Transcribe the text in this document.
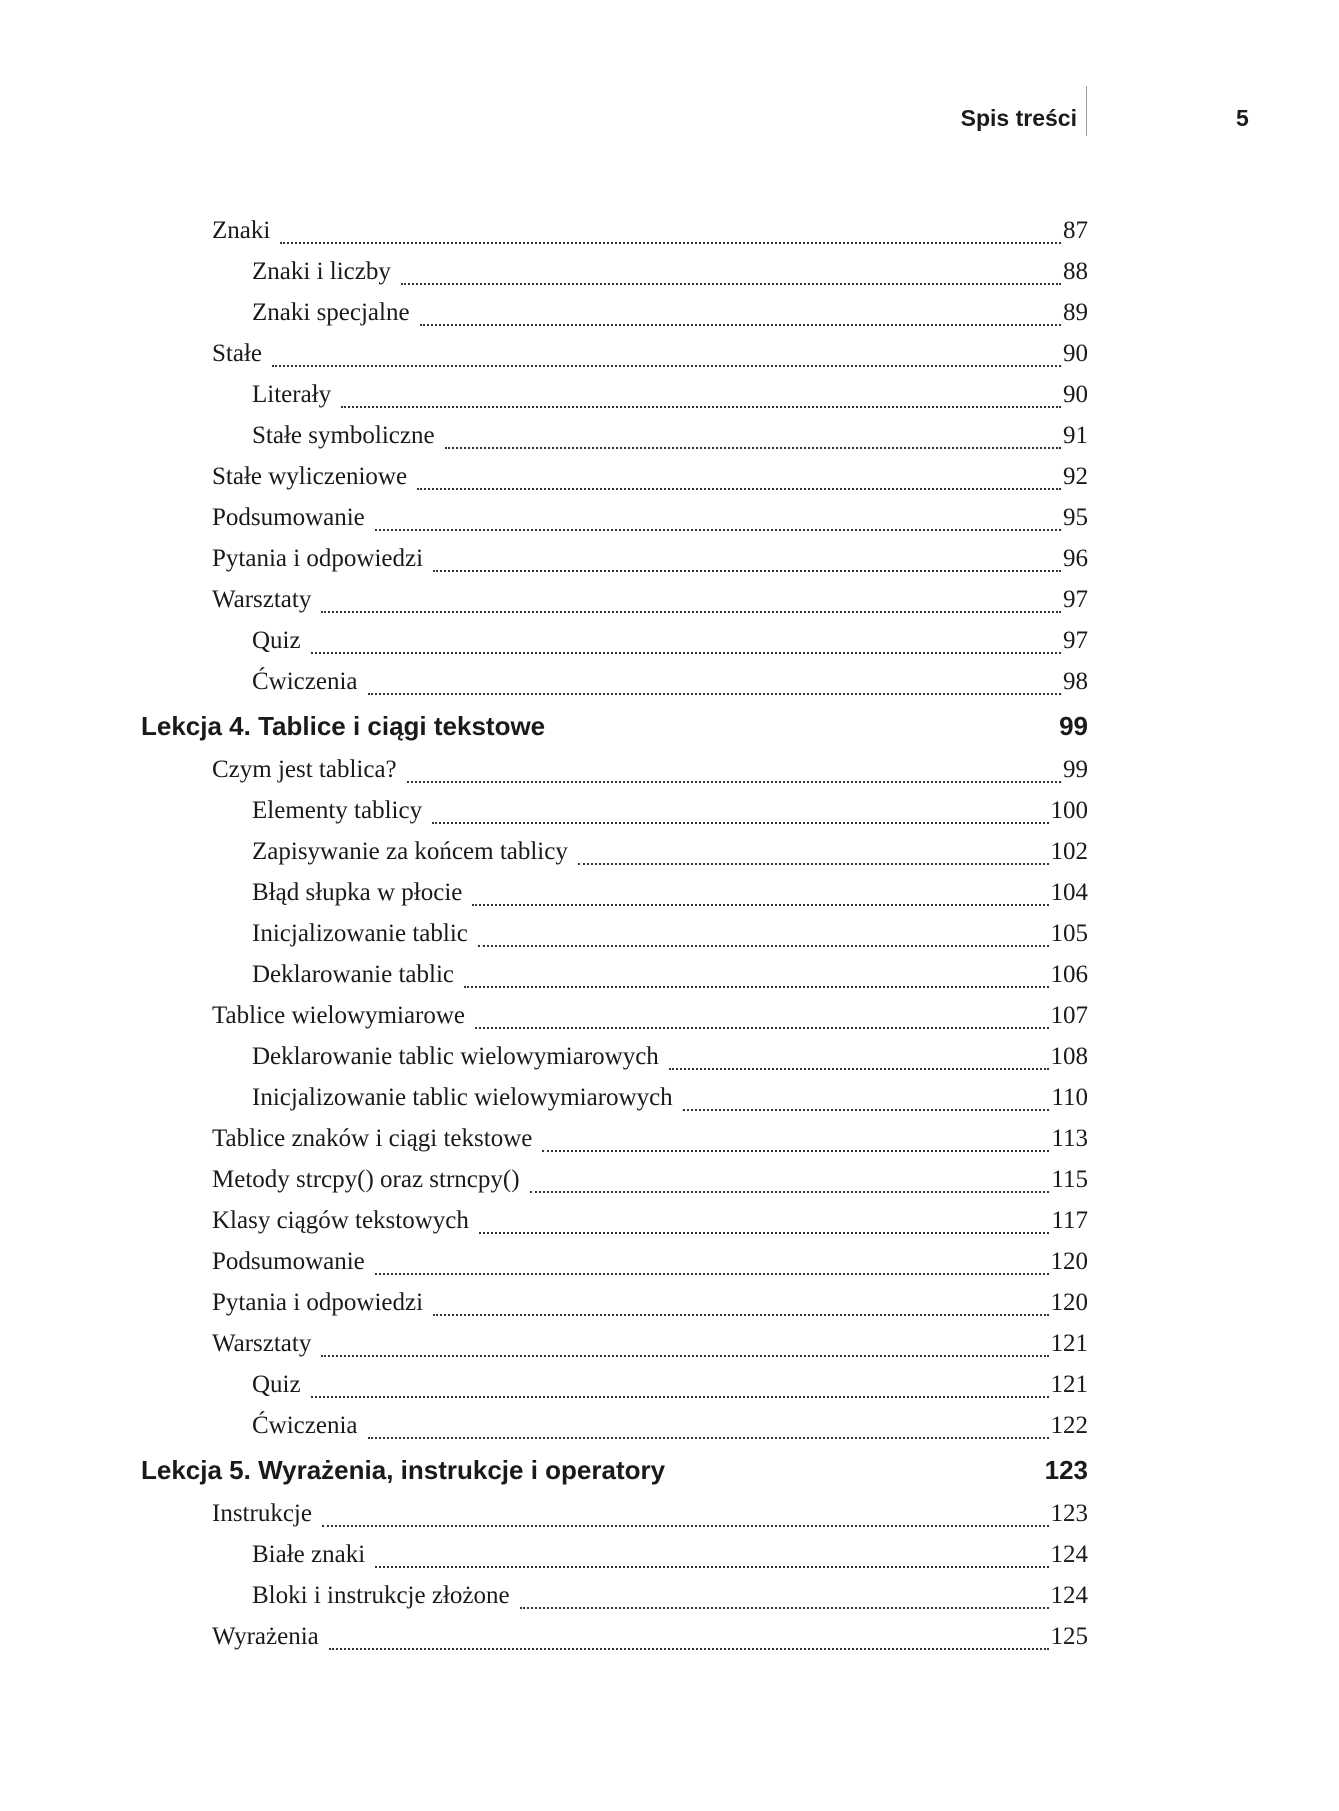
Spis treści	5
Znaki	87
Znaki i liczby	88
Znaki specjalne	89
Stałe	90
Literały	90
Stałe symboliczne	91
Stałe wyliczeniowe	92
Podsumowanie	95
Pytania i odpowiedzi	96
Warsztaty	97
Quiz	97
Ćwiczenia	98
Lekcja 4. Tablice i ciągi tekstowe	99
Czym jest tablica?	99
Elementy tablicy	100
Zapisywanie za końcem tablicy	102
Błąd słupka w płocie	104
Inicjalizowanie tablic	105
Deklarowanie tablic	106
Tablice wielowymiarowe	107
Deklarowanie tablic wielowymiarowych	108
Inicjalizowanie tablic wielowymiarowych	110
Tablice znaków i ciągi tekstowe	113
Metody strcpy() oraz strncpy()	115
Klasy ciągów tekstowych	117
Podsumowanie	120
Pytania i odpowiedzi	120
Warsztaty	121
Quiz	121
Ćwiczenia	122
Lekcja 5. Wyrażenia, instrukcje i operatory	123
Instrukcje	123
Białe znaki	124
Bloki i instrukcje złożone	124
Wyrażenia	125
